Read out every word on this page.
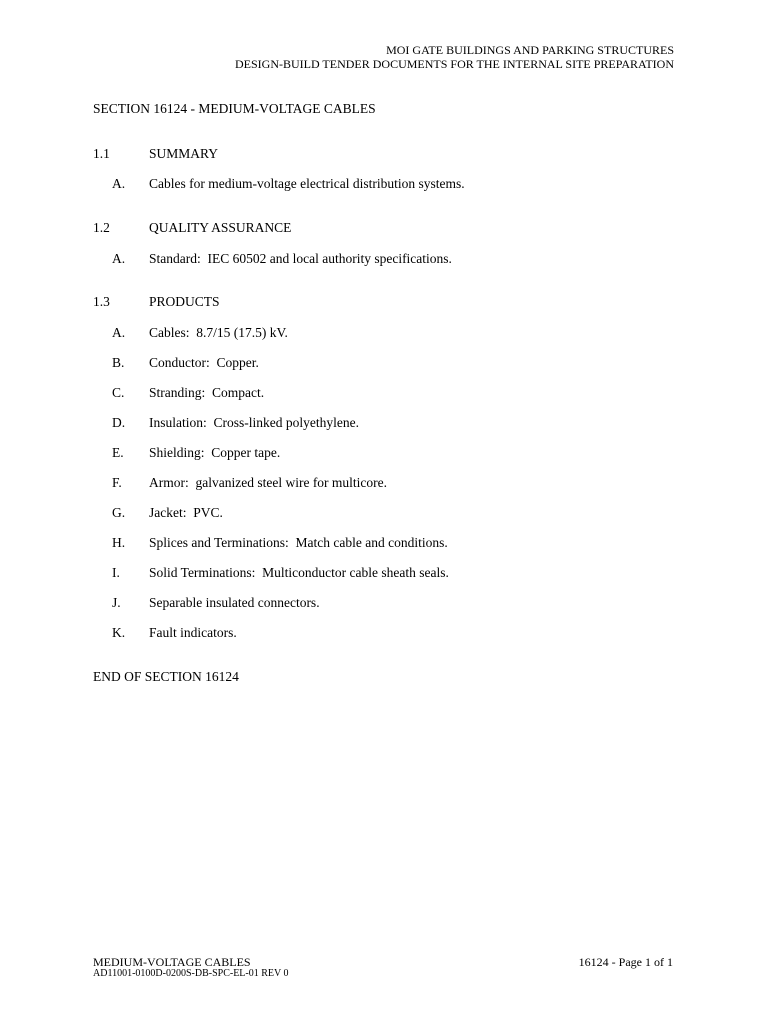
MOI GATE BUILDINGS AND PARKING STRUCTURES
DESIGN-BUILD TENDER DOCUMENTS FOR THE INTERNAL SITE PREPARATION
SECTION 16124 - MEDIUM-VOLTAGE CABLES
1.1	SUMMARY
A. Cables for medium-voltage electrical distribution systems.
1.2	QUALITY ASSURANCE
A. Standard:  IEC 60502 and local authority specifications.
1.3	PRODUCTS
A. Cables:  8.7/15 (17.5) kV.
B. Conductor:  Copper.
C. Stranding:  Compact.
D. Insulation:  Cross-linked polyethylene.
E. Shielding:  Copper tape.
F. Armor:  galvanized steel wire for multicore.
G. Jacket:  PVC.
H. Splices and Terminations:  Match cable and conditions.
I. Solid Terminations:  Multiconductor cable sheath seals.
J. Separable insulated connectors.
K. Fault indicators.
END OF SECTION 16124
MEDIUM-VOLTAGE CABLES
AD11001-0100D-0200S-DB-SPC-EL-01 REV 0
16124 - Page 1 of 1
